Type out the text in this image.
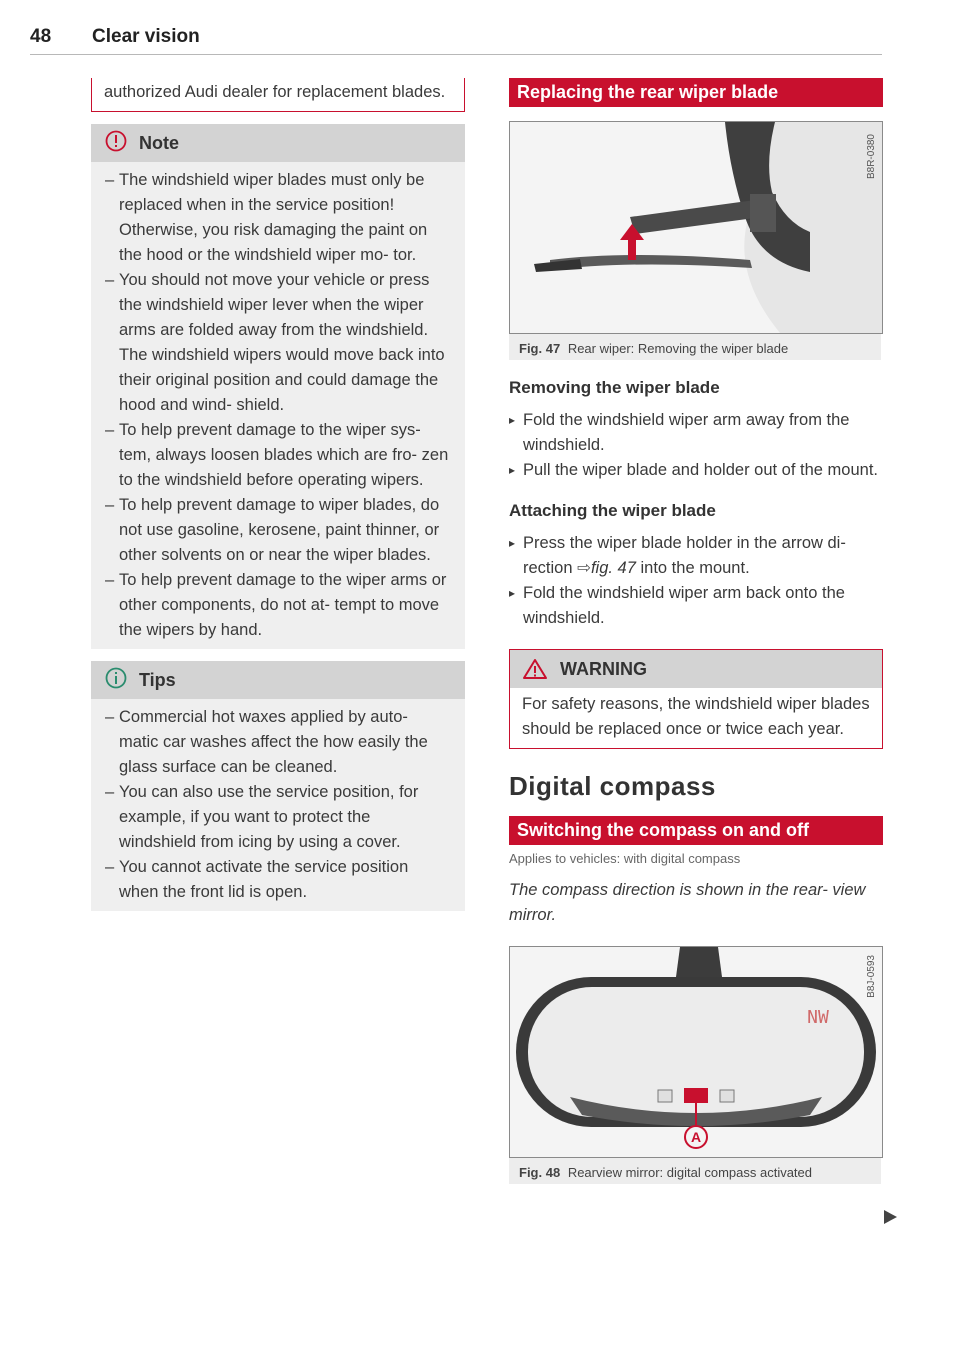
48 Clear vision
authorized Audi dealer for replacement blades.
Note
– The windshield wiper blades must only be replaced when in the service position! Otherwise, you risk damaging the paint on the hood or the windshield wiper mo- tor.
– You should not move your vehicle or press the windshield wiper lever when the wiper arms are folded away from the windshield. The windshield wipers would move back into their original position and could damage the hood and wind- shield.
– To help prevent damage to the wiper sys- tem, always loosen blades which are fro- zen to the windshield before operating wipers.
– To help prevent damage to wiper blades, do not use gasoline, kerosene, paint thinner, or other solvents on or near the wiper blades.
– To help prevent damage to the wiper arms or other components, do not at- tempt to move the wipers by hand.
Tips
– Commercial hot waxes applied by auto- matic car washes affect the how easily the glass surface can be cleaned.
– You can also use the service position, for example, if you want to protect the windshield from icing by using a cover.
– You cannot activate the service position when the front lid is open.
Replacing the rear wiper blade
B8R-0380
Fig. 47 Rear wiper: Removing the wiper blade
Removing the wiper blade
▸ Fold the windshield wiper arm away from the windshield.
▸ Pull the wiper blade and holder out of the mount.
Attaching the wiper blade
▸ Press the wiper blade holder in the arrow di- rection ⇨fig. 47 into the mount.
▸ Fold the windshield wiper arm back onto the windshield.
WARNING
For safety reasons, the windshield wiper blades should be replaced once or twice each year.
Digital compass
Switching the compass on and off
Applies to vehicles: with digital compass
The compass direction is shown in the rear- view mirror.
A
NW
B8J-0593
Fig. 48 Rearview mirror: digital compass activated
